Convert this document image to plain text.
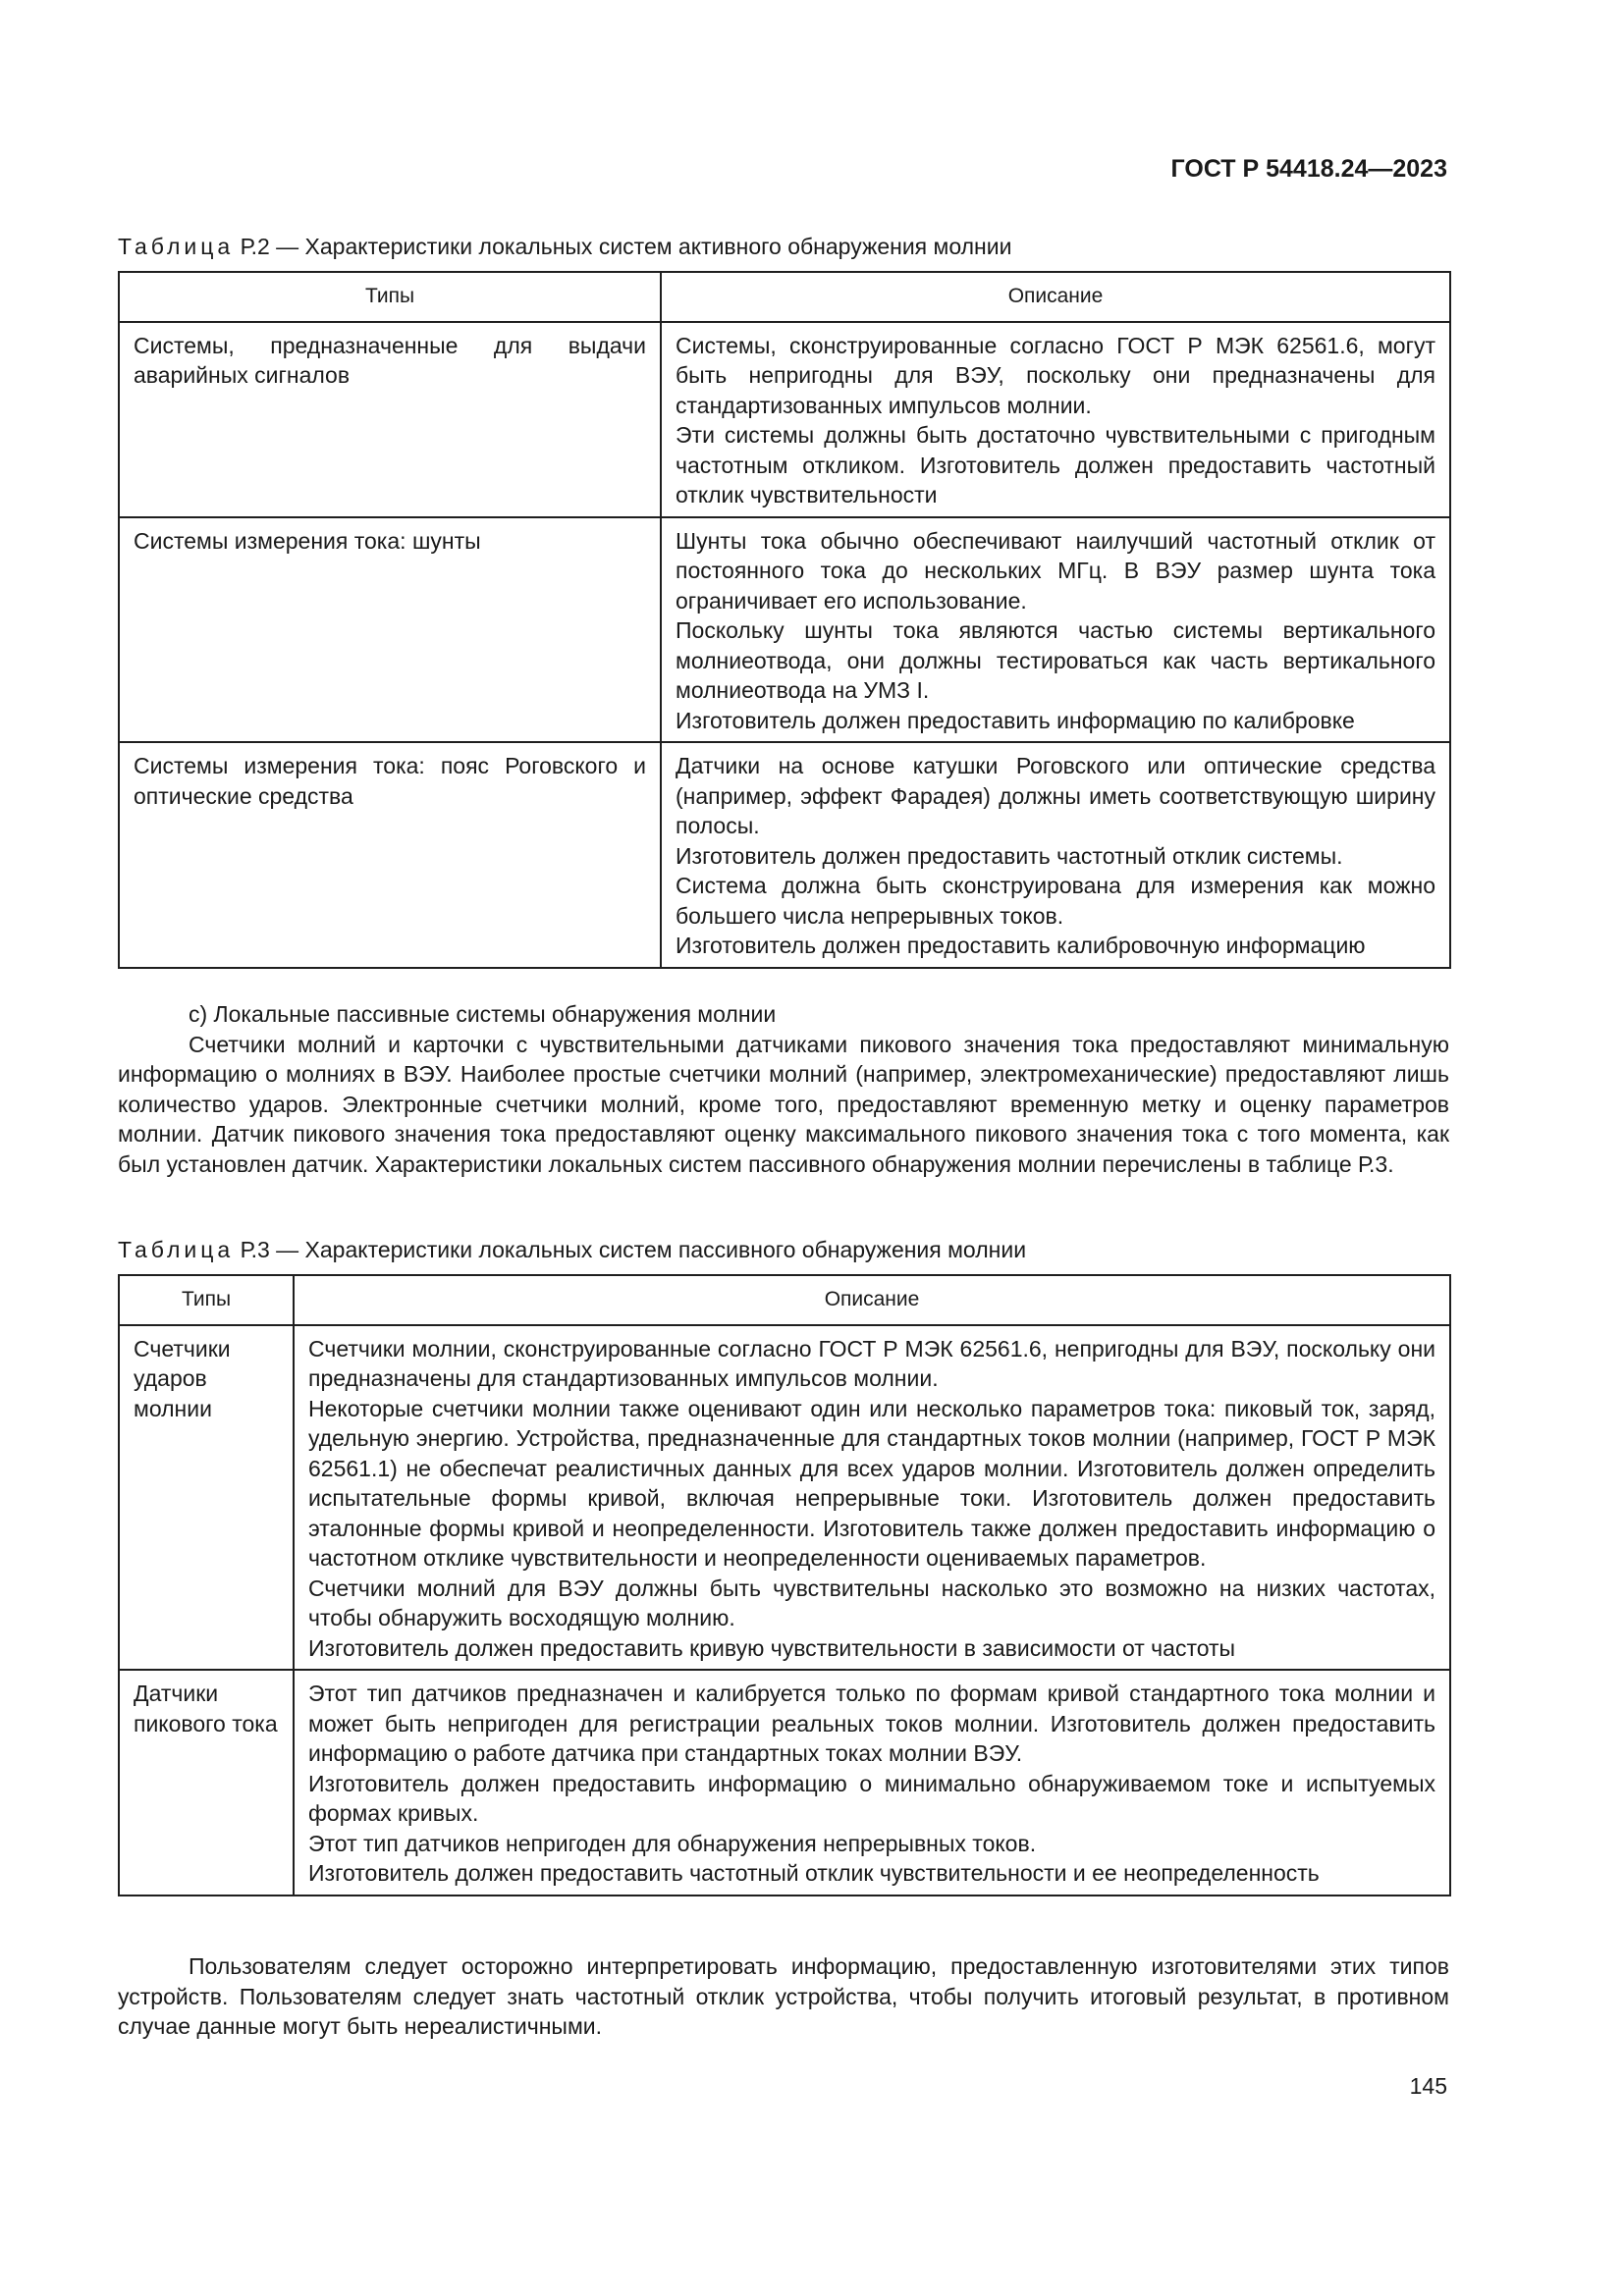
ГОСТ Р 54418.24—2023
Таблица Р.2 — Характеристики локальных систем активного обнаружения молнии
Типы	Описание
Системы, предназначенные для выдачи аварийных сигналов	Системы, сконструированные согласно ГОСТ Р МЭК 62561.6, могут быть непригодны для ВЭУ, поскольку они предназначены для стандартизованных импульсов молнии.
Эти системы должны быть достаточно чувствительными с пригодным частотным откликом. Изготовитель должен предоставить частотный отклик чувствительности

Системы измерения тока: шунты	Шунты тока обычно обеспечивают наилучший частотный отклик от постоянного тока до нескольких МГц. В ВЭУ размер шунта тока ограничивает его использование.
Поскольку шунты тока являются частью системы вертикального молниеотвода, они должны тестироваться как часть вертикального молниеотвода на УМЗ I.
Изготовитель должен предоставить информацию по калибровке

Системы измерения тока: пояс Роговского и оптические средства	Датчики на основе катушки Роговского или оптические средства (например, эффект Фарадея) должны иметь соответствующую ширину полосы.
Изготовитель должен предоставить частотный отклик системы.
Система должна быть сконструирована для измерения как можно большего числа непрерывных токов.
Изготовитель должен предоставить калибровочную информацию

c) Локальные пассивные системы обнаружения молнии

Счетчики молний и карточки с чувствительными датчиками пикового значения тока предоставляют минимальную информацию о молниях в ВЭУ. Наиболее простые счетчики молний (например, электромеханические) предоставляют лишь количество ударов. Электронные счетчики молний, кроме того, предоставляют временную метку и оценку параметров молнии. Датчик пикового значения тока предоставляют оценку максимального пикового значения тока с того момента, как был установлен датчик. Характеристики локальных систем пассивного обнаружения молнии перечислены в таблице Р.3.

Таблица Р.3 — Характеристики локальных систем пассивного обнаружения молнии
Типы	Описание
Счетчики ударов молнии	Счетчики молнии, сконструированные согласно ГОСТ Р МЭК 62561.6, непригодны для ВЭУ, поскольку они предназначены для стандартизованных импульсов молнии.
Некоторые счетчики молнии также оценивают один или несколько параметров тока: пиковый ток, заряд, удельную энергию. Устройства, предназначенные для стандартных токов молнии (например, ГОСТ Р МЭК 62561.1) не обеспечат реалистичных данных для всех ударов молнии. Изготовитель должен определить испытательные формы кривой, включая непрерывные токи. Изготовитель должен предоставить эталонные формы кривой и неопределенности. Изготовитель также должен предоставить информацию о частотном отклике чувствительности и неопределенности оцениваемых параметров.
Счетчики молний для ВЭУ должны быть чувствительны насколько это возможно на низких частотах, чтобы обнаружить восходящую молнию.
Изготовитель должен предоставить кривую чувствительности в зависимости от частоты

Датчики пикового тока	Этот тип датчиков предназначен и калибруется только по формам кривой стандартного тока молнии и может быть непригоден для регистрации реальных токов молнии. Изготовитель должен предоставить информацию о работе датчика при стандартных токах молнии ВЭУ.
Изготовитель должен предоставить информацию о минимально обнаруживаемом токе и испытуемых формах кривых.
Этот тип датчиков непригоден для обнаружения непрерывных токов.
Изготовитель должен предоставить частотный отклик чувствительности и ее неопределенность

Пользователям следует осторожно интерпретировать информацию, предоставленную изготовителями этих типов устройств. Пользователям следует знать частотный отклик устройства, чтобы получить итоговый результат, в противном случае данные могут быть нереалистичными.

145
